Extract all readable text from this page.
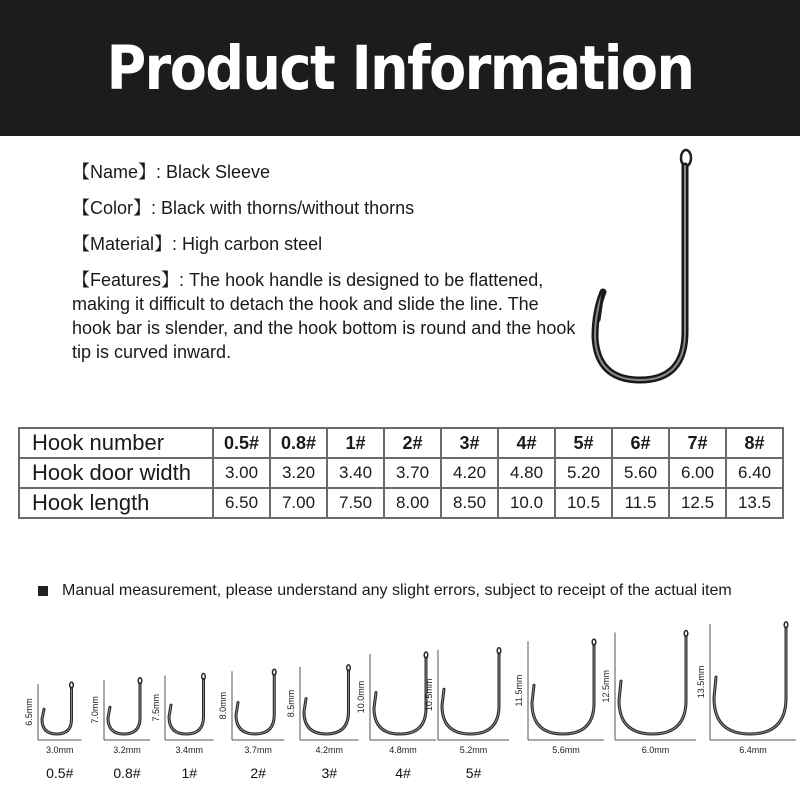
Product Information
【Name】: Black Sleeve
【Color】: Black with thorns/without thorns
【Material】: High carbon steel
【Features】: The hook handle is designed to be flattened, making it difficult to detach the hook and slide the line. The hook bar is slender, and the hook bottom is round and the hook tip is curved inward.
Hook number	0.5#	0.8#	1#	2#	3#	4#	5#	6#	7#	8#
Hook door width	3.00	3.20	3.40	3.70	4.20	4.80	5.20	5.60	6.00	6.40
Hook length	6.50	7.00	7.50	8.00	8.50	10.0	10.5	11.5	12.5	13.5
Manual measurement, please understand any slight errors, subject to receipt of the actual item
6.5mm
3.0mm
0.5#
7.0mm
3.2mm
0.8#
7.5mm
3.4mm
1#
8.0mm
3.7mm
2#
8.5mm
4.2mm
3#
10.0mm
4.8mm
4#
10.5mm
5.2mm
5#
11.5mm
5.6mm
12.5mm
6.0mm
13.5mm
6.4mm
